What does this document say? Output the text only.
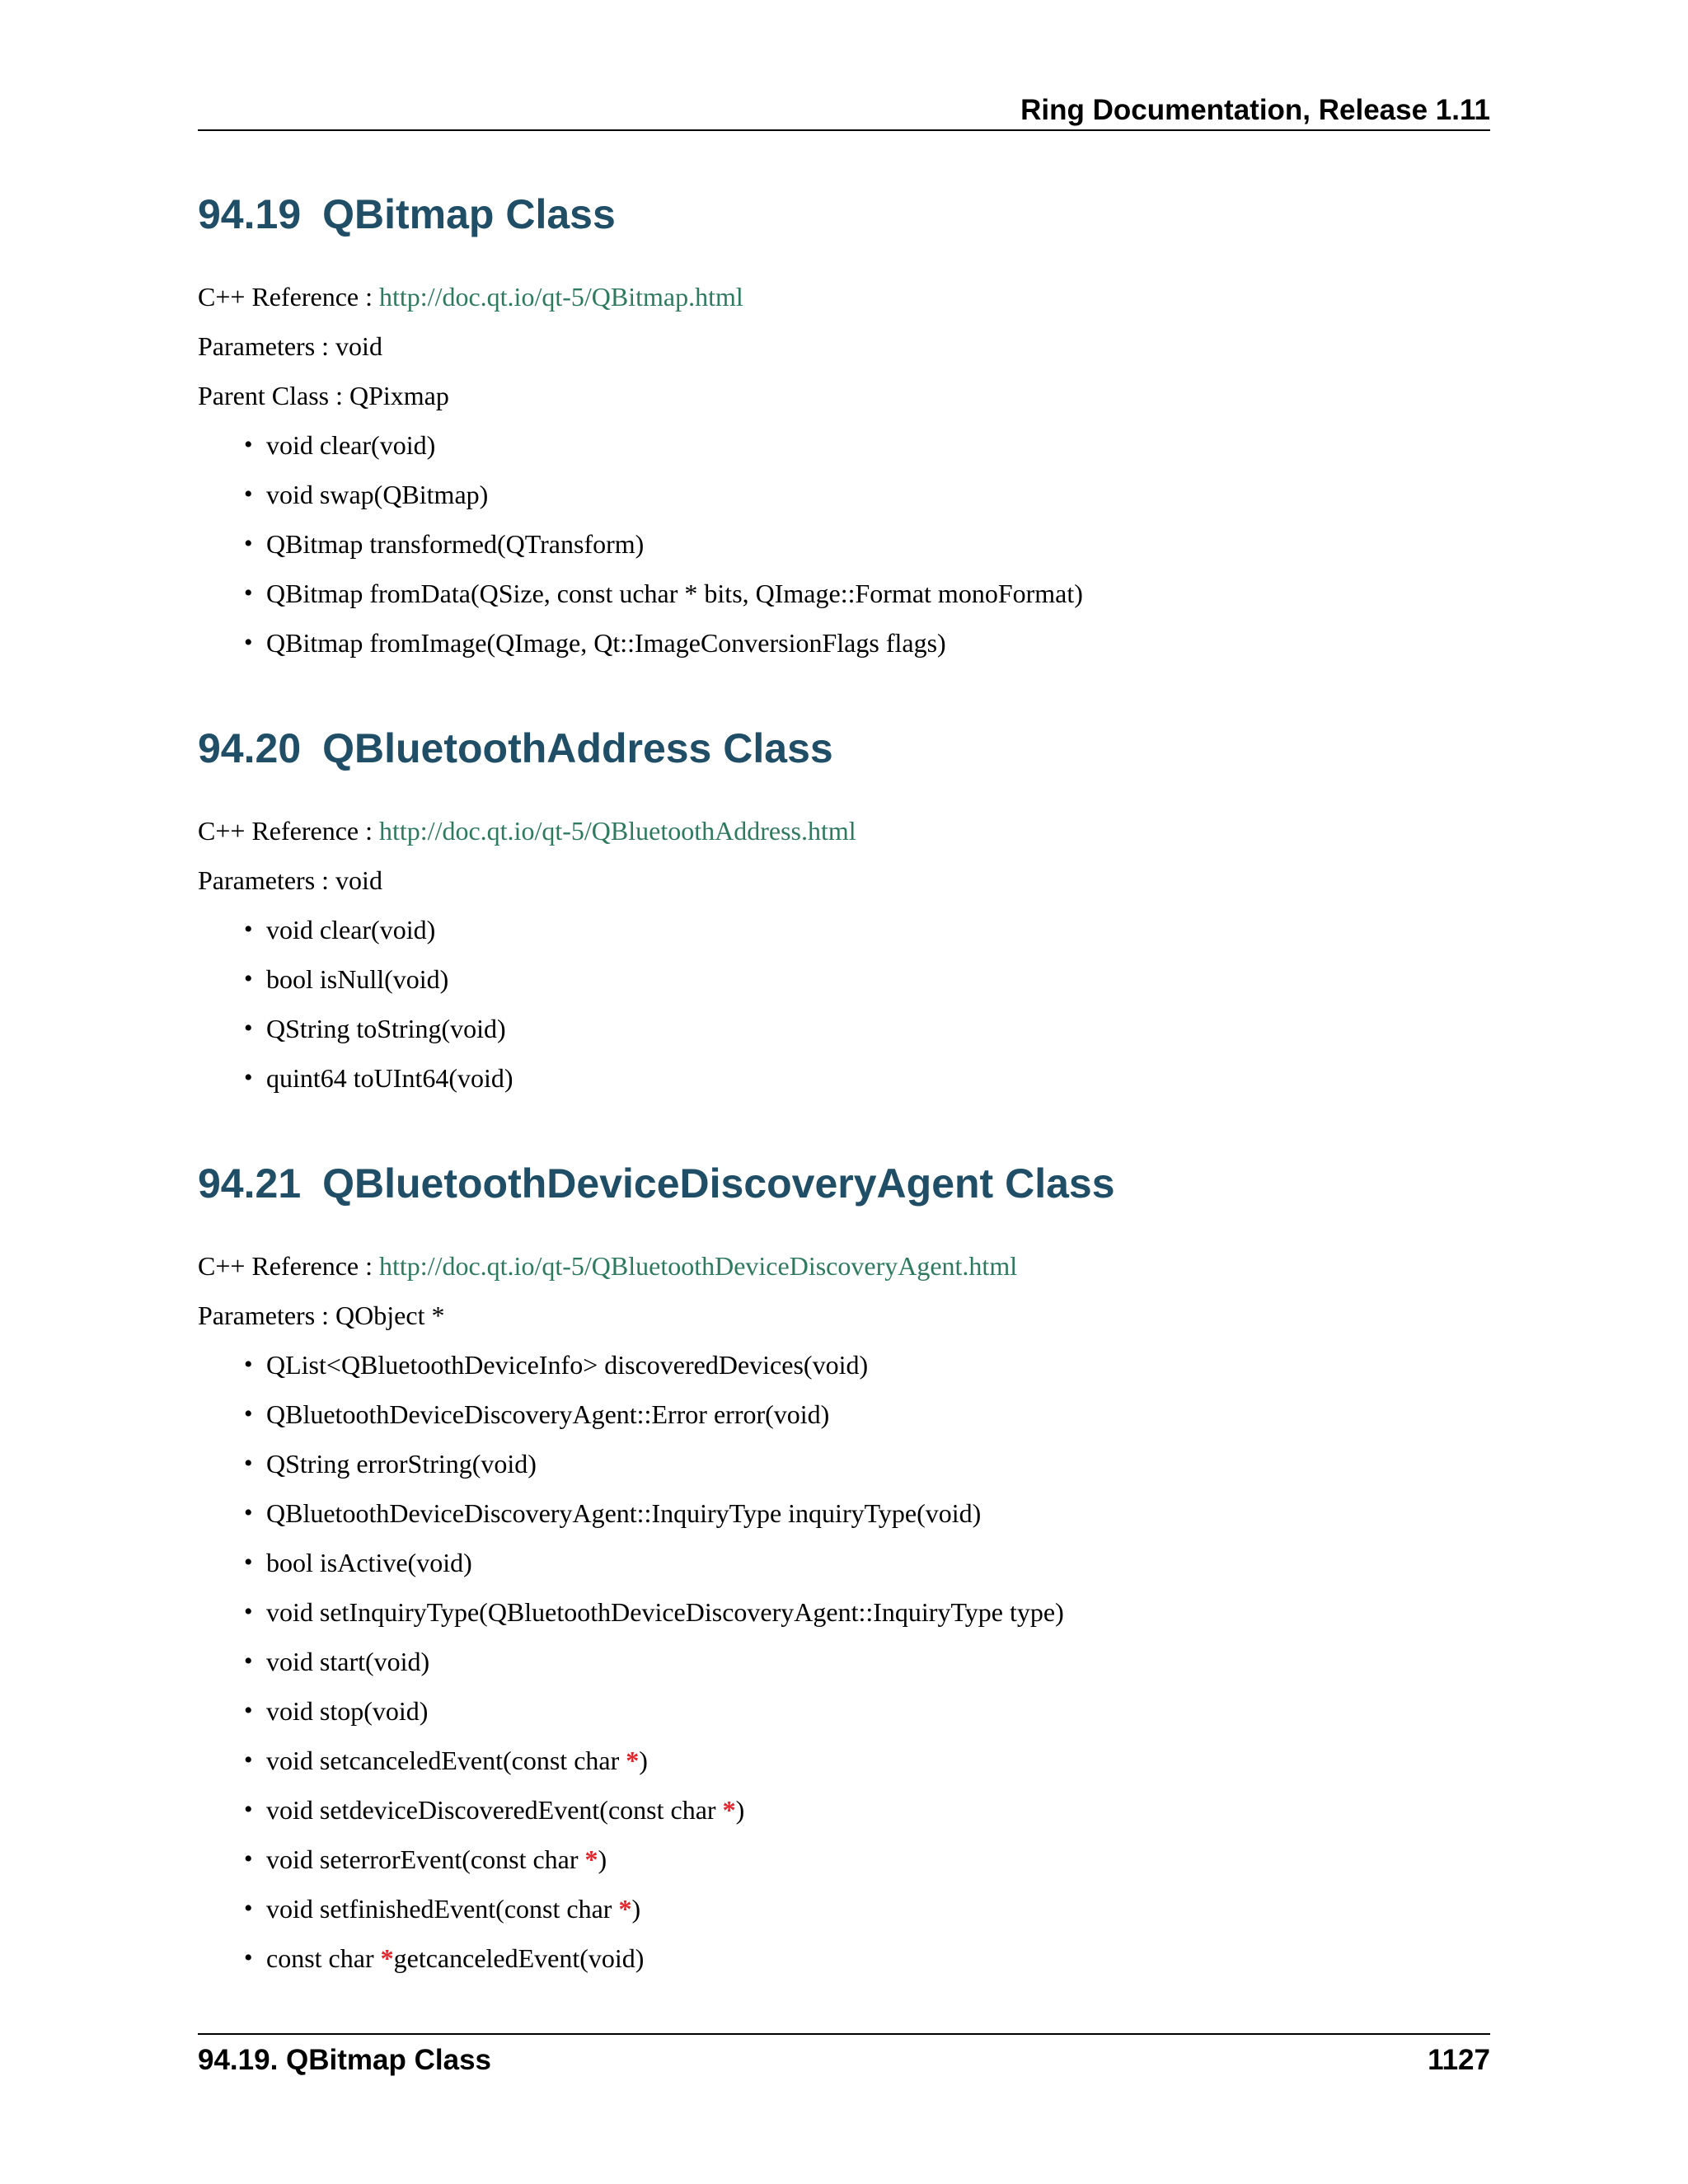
Ring Documentation, Release 1.11
94.19 QBitmap Class

C++ Reference : http://doc.qt.io/qt-5/QBitmap.html

Parameters : void

Parent Class : QPixmap

• void clear(void)
• void swap(QBitmap)
• QBitmap transformed(QTransform)
• QBitmap fromData(QSize, const uchar * bits, QImage::Format monoFormat)
• QBitmap fromImage(QImage, Qt::ImageConversionFlags flags)
94.20 QBluetoothAddress Class

C++ Reference : http://doc.qt.io/qt-5/QBluetoothAddress.html

Parameters : void

• void clear(void)
• bool isNull(void)
• QString toString(void)
• quint64 toUInt64(void)
94.21 QBluetoothDeviceDiscoveryAgent Class

C++ Reference : http://doc.qt.io/qt-5/QBluetoothDeviceDiscoveryAgent.html

Parameters : QObject *

• QList<QBluetoothDeviceInfo> discoveredDevices(void)
• QBluetoothDeviceDiscoveryAgent::Error error(void)
• QString errorString(void)
• QBluetoothDeviceDiscoveryAgent::InquiryType inquiryType(void)
• bool isActive(void)
• void setInquiryType(QBluetoothDeviceDiscoveryAgent::InquiryType type)
• void start(void)
• void stop(void)
• void setcanceledEvent(const char *)
• void setdeviceDiscoveredEvent(const char *)
• void seterrorEvent(const char *)
• void setfinishedEvent(const char *)
• const char *getcanceledEvent(void)
94.19. QBitmap Class	1127
